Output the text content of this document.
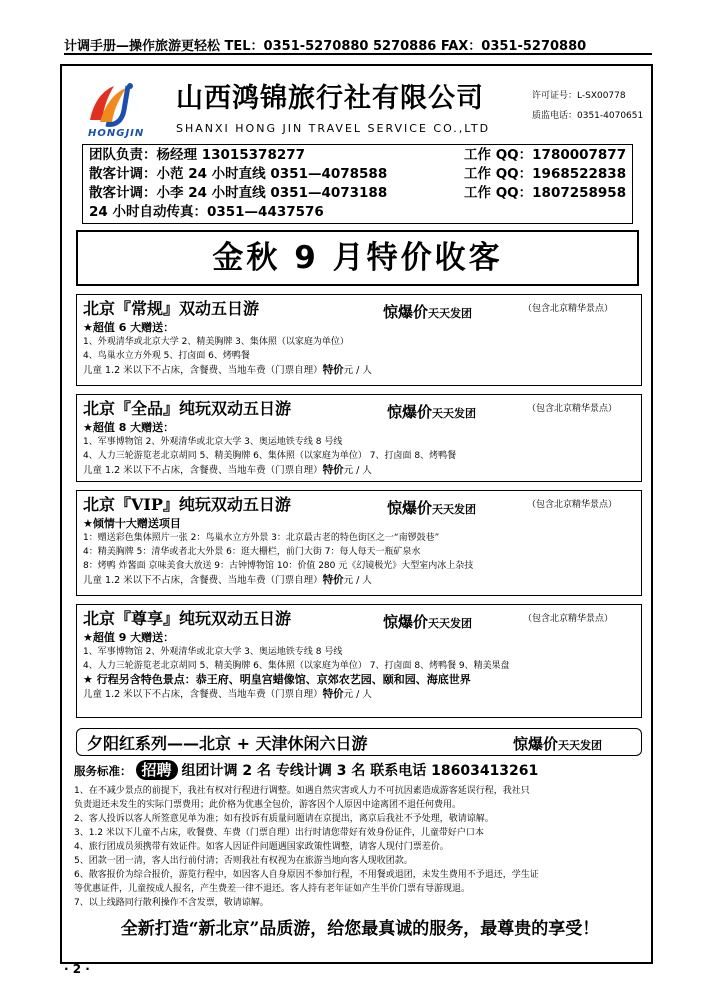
计调手册—操作旅游更轻松 TEL：0351-5270880 5270886 FAX：0351-5270880
HONGJIN
山西鸿锦旅行社有限公司
SHANXI HONG JIN TRAVEL SERVICE CO.,LTD
许可证号：L-SX00778
质监电话：0351-4070651
团队负责：杨经理 13015378277	工作 QQ：1780007877
散客计调：小范 24 小时直线 0351—4078588	工作 QQ：1968522838
散客计调：小李 24 小时直线 0351—4073188	工作 QQ：1807258958
24 小时自动传真：0351—4437576
金秋 9 月特价收客
北京『常规』双动五日游	惊爆价天天发团	（包含北京精华景点）
★超值 6 大赠送：
1、外观清华或北京大学 2、精美胸牌 3、集体照（以家庭为单位）
4、鸟巢水立方外观 5、打卤面 6、烤鸭餐
儿童 1.2 米以下不占床，含餐费、当地车费（门票自理）特价元 / 人
北京『全品』纯玩双动五日游	惊爆价天天发团	（包含北京精华景点）
★超值 8 大赠送：
1、军事博物馆 2、外观清华或北京大学 3、奥运地铁专线 8 号线
4、人力三轮游览老北京胡同 5、精美胸牌 6、集体照（以家庭为单位） 7、打卤面 8、烤鸭餐
儿童 1.2 米以下不占床，含餐费、当地车费（门票自理）特价元 / 人
北京『VIP』纯玩双动五日游	惊爆价天天发团	（包含北京精华景点）
★倾情十大赠送项目
1：赠送彩色集体照片一张 2：鸟巢水立方外景 3：北京最古老的特色街区之一“南锣鼓巷”
4：精美胸牌 5：清华或者北大外景 6：逛大栅栏，前门大街 7：每人每天一瓶矿泉水
8：烤鸭 炸酱面 京味美食大放送 9：古钟博物馆 10：价值 280 元《幻镜极光》大型室内冰上杂技
儿童 1.2 米以下不占床，含餐费、当地车费（门票自理）特价元 / 人
北京『尊享』纯玩双动五日游	惊爆价天天发团	（包含北京精华景点）
★超值 9 大赠送：
1、军事博物馆 2、外观清华或北京大学 3、奥运地铁专线 8 号线
4、人力三轮游览老北京胡同 5、精美胸牌 6、集体照（以家庭为单位） 7、打卤面 8、烤鸭餐 9、精美果盘
★ 行程另含特色景点：恭王府、明皇宫蜡像馆、京郊农艺园、颐和园、海底世界
儿童 1.2 米以下不占床，含餐费、当地车费（门票自理）特价元 / 人
夕阳红系列——北京 + 天津休闲六日游	惊爆价天天发团
服务标准： 招聘 组团计调 2 名 专线计调 3 名 联系电话 18603413261

1、在不减少景点的前提下，我社有权对行程进行调整。如遇自然灾害或人力不可抗因素造成游客延误行程，我社只

负责退还未发生的实际门票费用；此价格为优惠全包价，游客因个人原因中途离团不退任何费用。

2、客人投诉以客人所签意见单为准；如有投诉有质量问题请在京提出，离京后我社不予处理，敬请谅解。

3、1.2 米以下儿童不占床，收餐费、车费（门票自理）出行时请您带好有效身份证件，儿童带好户口本

4、旅行团成员须携带有效证件。如客人因证件问题遇国家政策性调整，请客人现付门票差价。

5、团款一团一清，客人出行前付清；否则我社有权视为在旅游当地向客人现收团款。

6、散客报价为综合报价，游览行程中，如因客人自身原因不参加行程，不用餐或退团，未发生费用不予退还，学生证

等优惠证件，儿童按成人报名，产生费差一律不退还。客人持有老年证如产生半价门票有导游现退。

7、以上线路同行散利操作不含发票，敬请谅解。

全新打造“新北京”品质游，给您最真诚的服务，最尊贵的享受！
· 2 ·
